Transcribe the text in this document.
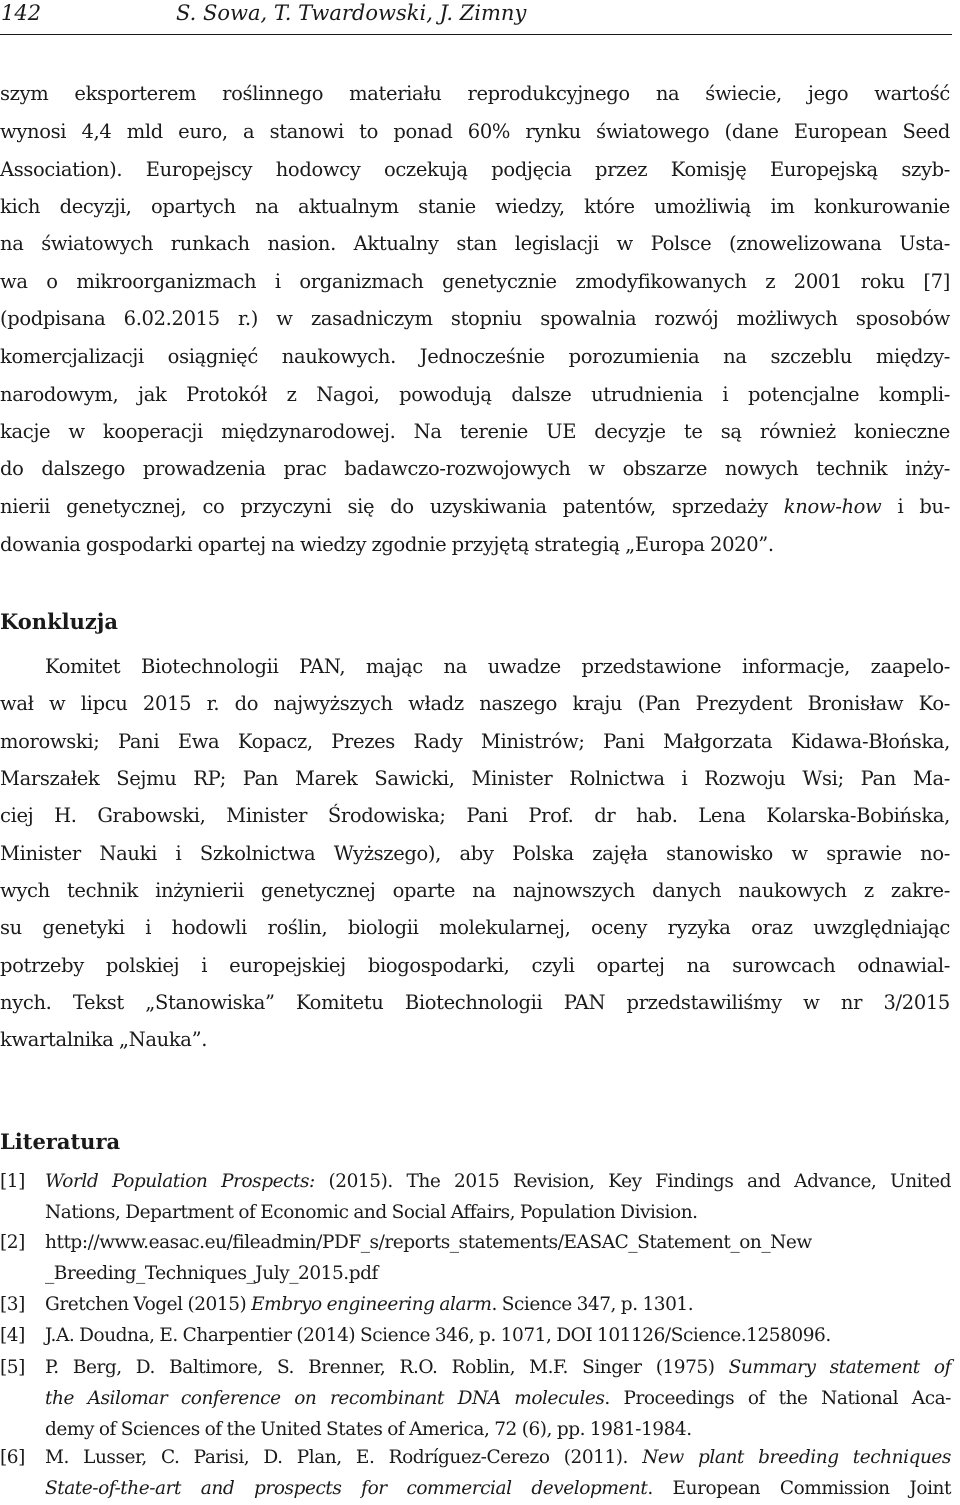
142	S. Sowa, T. Twardowski, J. Zimny
szym eksporterem roślinnego materiału reprodukcyjnego na świecie, jego wartość
wynosi 4,4 mld euro, a stanowi to ponad 60% rynku światowego (dane European Seed
Association). Europejscy hodowcy oczekują podjęcia przez Komisję Europejską szyb-
kich decyzji, opartych na aktualnym stanie wiedzy, które umożliwią im konkurowanie
na światowych runkach nasion. Aktualny stan legislacji w Polsce (znowelizowana Usta-
wa o mikroorganizmach i organizmach genetycznie zmodyfikowanych z 2001 roku [7]
(podpisana 6.02.2015 r.) w zasadniczym stopniu spowalnia rozwój możliwych sposobów
komercjalizacji osiągnięć naukowych. Jednocześnie porozumienia na szczeblu między-
narodowym, jak Protokół z Nagoi, powodują dalsze utrudnienia i potencjalne kompli-
kacje w kooperacji międzynarodowej. Na terenie UE decyzje te są również konieczne
do dalszego prowadzenia prac badawczo-rozwojowych w obszarze nowych technik inży-
nierii genetycznej, co przyczyni się do uzyskiwania patentów, sprzedaży know-how i bu-
dowania gospodarki opartej na wiedzy zgodnie przyjętą strategią „Europa 2020”.
Konkluzja
Komitet Biotechnologii PAN, mając na uwadze przedstawione informacje, zaapelo-
wał w lipcu 2015 r. do najwyższych władz naszego kraju (Pan Prezydent Bronisław Ko-
morowski; Pani Ewa Kopacz, Prezes Rady Ministrów; Pani Małgorzata Kidawa-Błońska,
Marszałek Sejmu RP; Pan Marek Sawicki, Minister Rolnictwa i Rozwoju Wsi; Pan Ma-
ciej H. Grabowski, Minister Środowiska; Pani Prof. dr hab. Lena Kolarska-Bobińska,
Minister Nauki i Szkolnictwa Wyższego), aby Polska zajęła stanowisko w sprawie no-
wych technik inżynierii genetycznej oparte na najnowszych danych naukowych z zakre-
su genetyki i hodowli roślin, biologii molekularnej, oceny ryzyka oraz uwzględniając
potrzeby polskiej i europejskiej biogospodarki, czyli opartej na surowcach odnawial-
nych. Tekst „Stanowiska” Komitetu Biotechnologii PAN przedstawiliśmy w nr 3/2015
kwartalnika „Nauka”.
Literatura
[1] World Population Prospects: (2015). The 2015 Revision, Key Findings and Advance, United
Nations, Department of Economic and Social Affairs, Population Division.
[2] http://www.easac.eu/fileadmin/PDF_s/reports_statements/EASAC_Statement_on_New
_Breeding_Techniques_July_2015.pdf
[3] Gretchen Vogel (2015) Embryo engineering alarm. Science 347, p. 1301.
[4] J.A. Doudna, E. Charpentier (2014) Science 346, p. 1071, DOI 101126/Science.1258096.
[5] P. Berg, D. Baltimore, S. Brenner, R.O. Roblin, M.F. Singer (1975) Summary statement of
the Asilomar conference on recombinant DNA molecules. Proceedings of the National Aca-
demy of Sciences of the United States of America, 72 (6), pp. 1981-1984.
[6] M. Lusser, C. Parisi, D. Plan, E. Rodríguez-Cerezo (2011). New plant breeding techniques
State-of-the-art and prospects for commercial development. European Commission Joint
